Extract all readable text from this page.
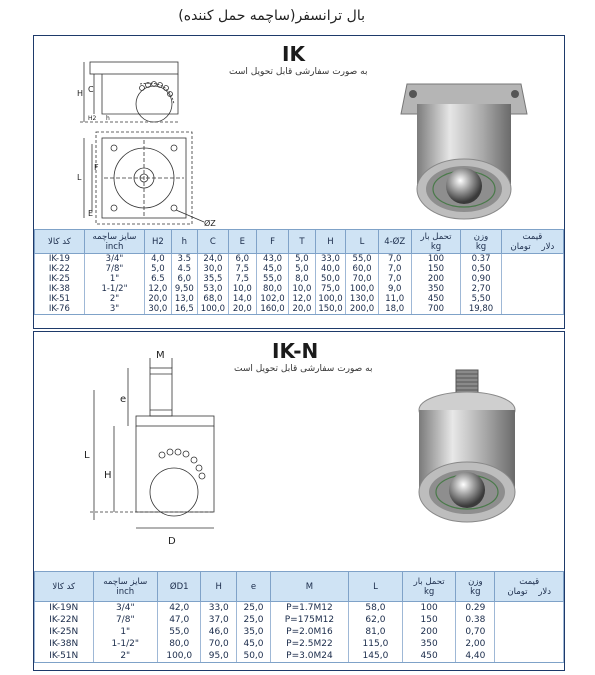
بال ترانسفر(ساچمه حمل کننده)
IK
به صورت سفارشی قابل تحویل است
H C
H2 h
F
L
E
ØZ
کد کالا	سایز ساچمه
inch	H2	h	C	E	F	T	H	L	4-ØZ	تحمل بار
kg	وزن
kg	قیمت
دلار    تومان

IK-19	3/4"	4,0	3.5	24,0	6,0	43,0	5,0	33,0	55,0	7,0	100	0.37	
IK-22	7/8"	5,0	4.5	30,0	7,5	45,0	5,0	40,0	60,0	7,0	150	0,50	
IK-25	1"	6.5	6,0	35,5	7,5	55,0	8,0	50,0	70,0	7,0	200	0,90	
IK-38	1-1/2"	12,0	9,50	53,0	10,0	80,0	10,0	75,0	100,0	9,0	350	2,70	
IK-51	2"	20,0	13,0	68,0	14,0	102,0	12,0	100,0	130,0	11,0	450	5,50	
IK-76	3"	30,0	16,5	100,0	20,0	160,0	20,0	150,0	200,0	18,0	700	19,80	
IK-N
به صورت سفارشی قابل تحویل است
M
e
L
H
D
کد کالا	سایز ساچمه
inch	ØD1	H	e	M	L	تحمل بار
kg	وزن
kg	قیمت
دلار    تومان

IK-19N	3/4"	42,0	33,0	25,0	P=1.7M12	58,0	100	0.29	
IK-22N	7/8"	47,0	37,0	25,0	P=175M12	62,0	150	0.38	
IK-25N	1"	55,0	46,0	35,0	P=2.0M16	81,0	200	0,70	
IK-38N	1-1/2"	80,0	70,0	45,0	P=2.5M22	115,0	350	2,00	
IK-51N	2"	100,0	95,0	50,0	P=3.0M24	145,0	450	4,40	
